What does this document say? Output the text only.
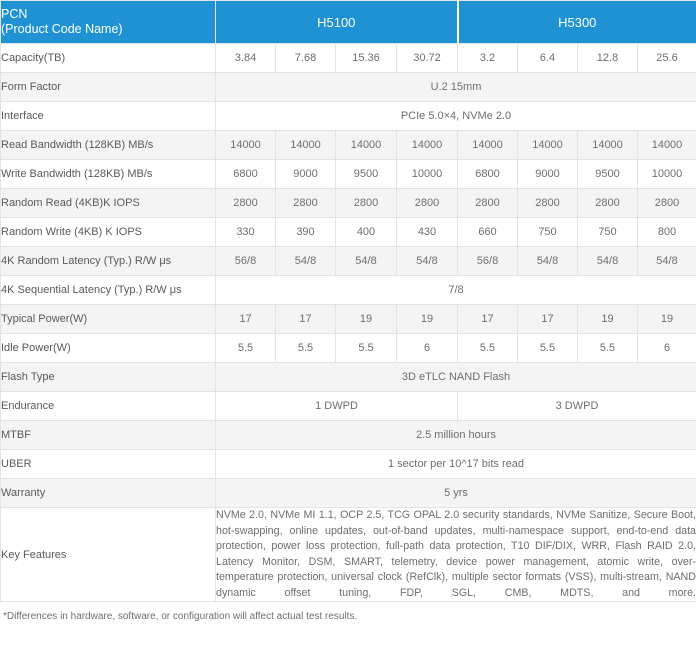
PCN
(Product Code Name)	H5100				H5300			
Capacity(TB)	3.84	7.68	15.36	30.72	3.2	6.4	12.8	25.6
Form Factor	U.2 15mm							
Interface	PCIe 5.0×4, NVMe 2.0							
Read Bandwidth (128KB) MB/s	14000	14000	14000	14000	14000	14000	14000	14000
Write Bandwidth (128KB) MB/s	6800	9000	9500	10000	6800	9000	9500	10000
Random Read (4KB)K IOPS	2800	2800	2800	2800	2800	2800	2800	2800
Random Write (4KB) K IOPS	330	390	400	430	660	750	750	800
4K Random Latency (Typ.) R/W μs	56/8	54/8	54/8	54/8	56/8	54/8	54/8	54/8
4K Sequential Latency (Typ.) R/W μs	7/8							
Typical Power(W)	17	17	19	19	17	17	19	19
Idle Power(W)	5.5	5.5	5.5	6	5.5	5.5	5.5	6
Flash Type	3D eTLC NAND Flash							
Endurance	1 DWPD				3 DWPD			
MTBF	2.5 million hours							
UBER	1 sector per 10^17 bits read							
Warranty	5 yrs							
Key Features	NVMe 2.0, NVMe MI 1.1, OCP 2.5, TCG OPAL 2.0 security standards, NVMe Sanitize, Secure Boot, hot-swapping, online updates, out-of-band updates, multi-namespace support, end-to-end data protection, power loss protection, full-path data protection, T10 DIF/DIX, WRR, Flash RAID 2.0, Latency Monitor, DSM, SMART, telemetry, device power management, atomic write, over-temperature protection, universal clock (RefClk), multiple sector formats (VSS), multi-stream, NAND dynamic offset tuning, FDP, SGL, CMB, MDTS, and more.							
*Differences in hardware, software, or configuration will affect actual test results.
